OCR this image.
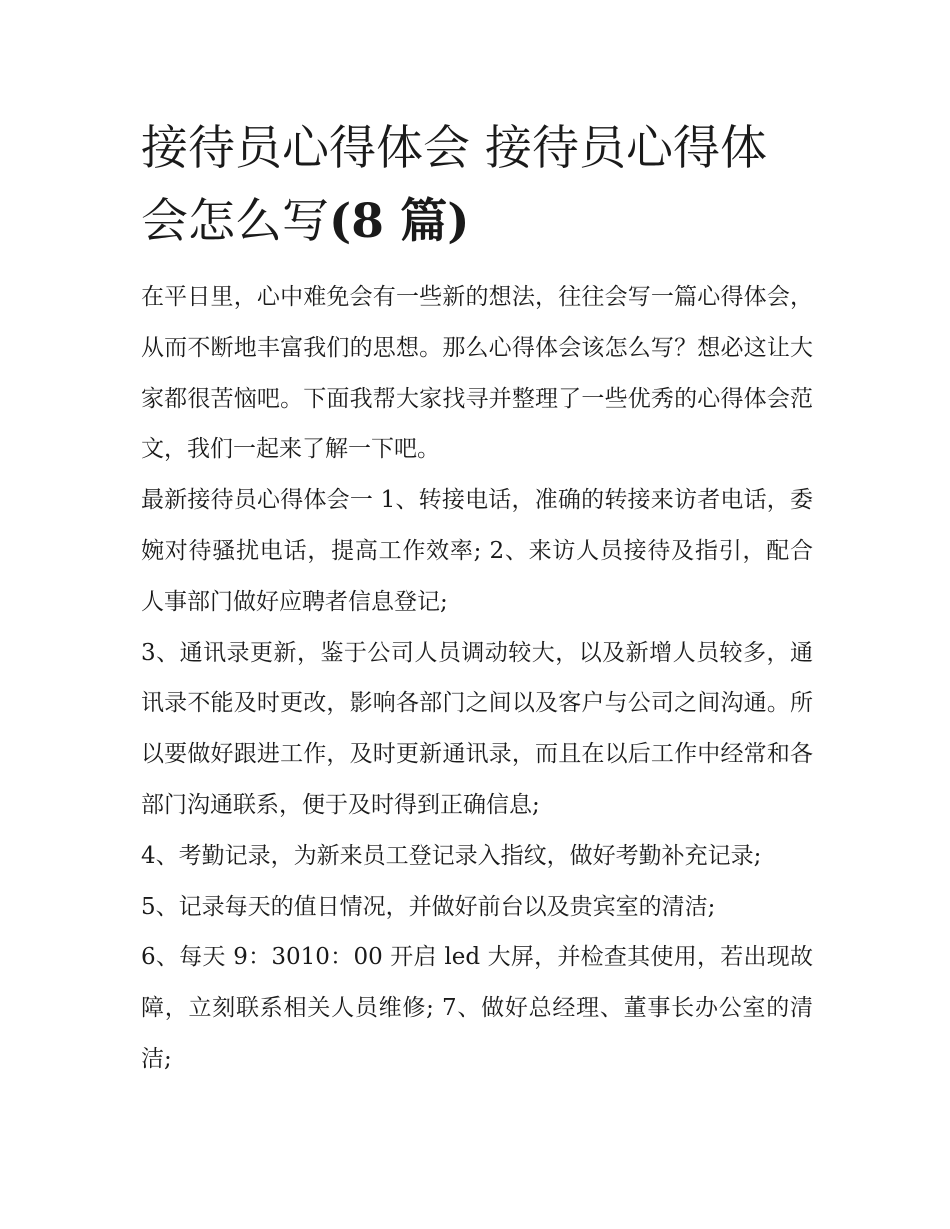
接待员心得体会 接待员心得体会怎么写(8 篇)

在平日里，心中难免会有一些新的想法，往往会写一篇心得体会，从而不断地丰富我们的思想。那么心得体会该怎么写？想必这让大家都很苦恼吧。下面我帮大家找寻并整理了一些优秀的心得体会范文，我们一起来了解一下吧。

最新接待员心得体会一 1、转接电话，准确的转接来访者电话，委婉对待骚扰电话，提高工作效率; 2、来访人员接待及指引，配合人事部门做好应聘者信息登记;

3、通讯录更新，鉴于公司人员调动较大，以及新增人员较多，通讯录不能及时更改，影响各部门之间以及客户与公司之间沟通。所以要做好跟进工作，及时更新通讯录，而且在以后工作中经常和各部门沟通联系，便于及时得到正确信息;

4、考勤记录，为新来员工登记录入指纹，做好考勤补充记录;

5、记录每天的值日情况，并做好前台以及贵宾室的清洁;

6、每天 9：3010：00 开启 led 大屏，并检查其使用，若出现故障，立刻联系相关人员维修; 7、做好总经理、董事长办公室的清洁;
